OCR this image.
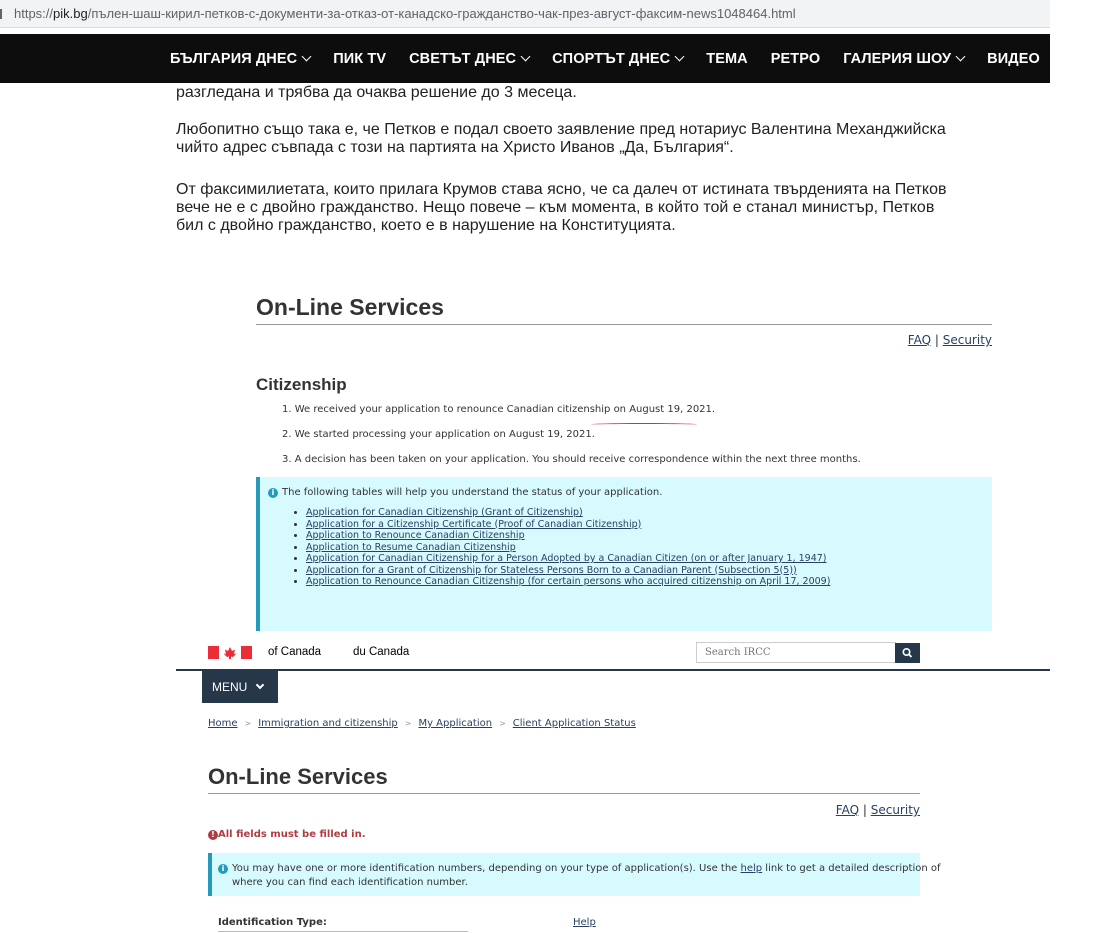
https://pik.bg/пълен-шаш-кирил-петков-с-документи-за-отказ-от-канадско-гражданство-чак-през-август-факсим-news1048464.html
БЪЛГАРИЯ ДНЕС ПИК TV СВЕТЪТ ДНЕС СПОРТЪТ ДНЕС ТЕМА РЕТРО ГАЛЕРИЯ ШОУ ВИДЕО ИЗ
разгледана и трябва да очаква решение до 3 месеца.
Любопитно също така е, че Петков е подал своето заявление пред нотариус Валентина Механджийска
чийто адрес съвпада с този на партията на Христо Иванов „Да, България“.
От факсимилиетата, които прилага Крумов става ясно, че са далеч от истината твърденията на Петков
вече не е с двойно гражданство. Нещо повече – към момента, в който той е станал министър, Петков
бил с двойно гражданство, което е в нарушение на Конституцията.
On-Line Services
FAQ | Security
Citizenship
1. We received your application to renounce Canadian citizenship on August 19, 2021.
2. We started processing your application on August 19, 2021.
3. A decision has been taken on your application. You should receive correspondence within the next three months.
i The following tables will help you understand the status of your application.
• Application for Canadian Citizenship (Grant of Citizenship)
• Application for a Citizenship Certificate (Proof of Canadian Citizenship)
• Application to Renounce Canadian Citizenship
• Application to Resume Canadian Citizenship
• Application for Canadian Citizenship for a Person Adopted by a Canadian Citizen (on or after January 1, 1947)
• Application for a Grant of Citizenship for Stateless Persons Born to a Canadian Parent (Subsection 5(5))
• Application to Renounce Canadian Citizenship (for certain persons who acquired citizenship on April 17, 2009)
of Canada	du Canada
Search IRCC
MENU
Home > Immigration and citizenship > My Application > Client Application Status
On-Line Services
FAQ | Security
! All fields must be filled in.
i You may have one or more identification numbers, depending on your type of application(s). Use the help link to get a detailed description of
where you can find each identification number.
Identification Type:	Help
